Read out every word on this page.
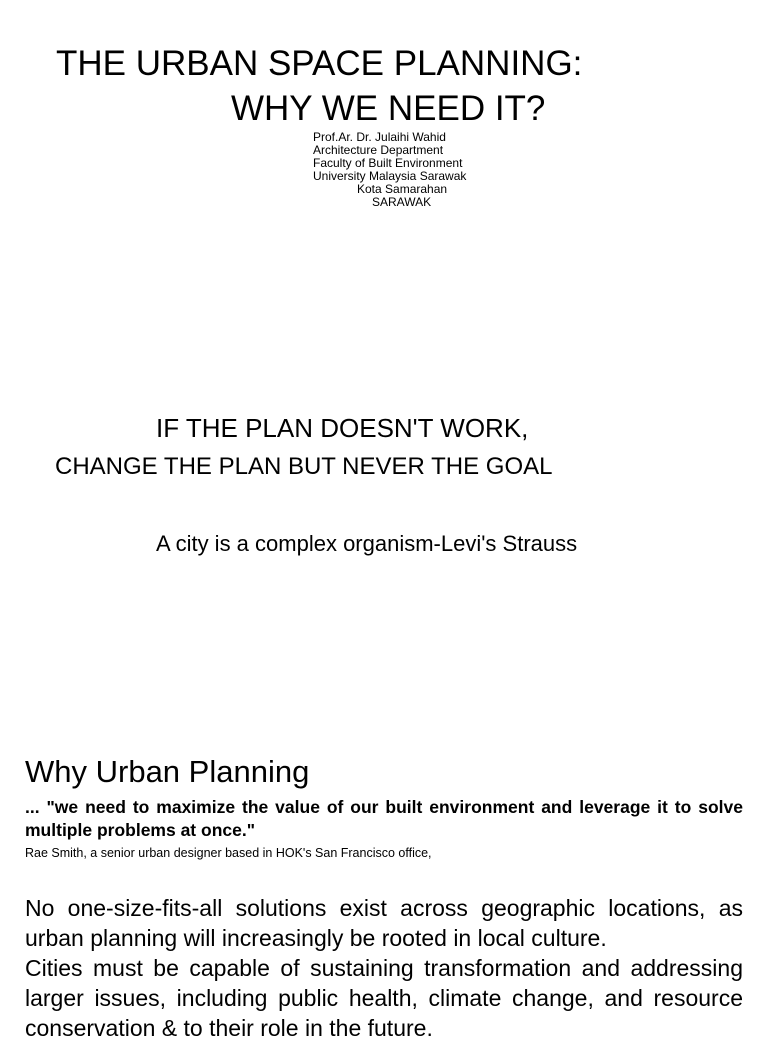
THE URBAN SPACE PLANNING:
WHY WE NEED IT?
Prof.Ar. Dr. Julaihi Wahid
Architecture Department
Faculty of Built Environment
University Malaysia Sarawak
Kota Samarahan
SARAWAK
IF THE PLAN DOESN'T WORK,
CHANGE THE PLAN BUT NEVER THE GOAL
A city is a complex organism-Levi's Strauss
Why Urban Planning
... "we need to maximize the value of our built environment and leverage it to solve multiple problems at once."
Rae Smith, a senior urban designer based in HOK's San Francisco office,

No one-size-fits-all solutions exist across geographic locations, as urban planning will increasingly be rooted in local culture.

Cities must be capable of sustaining transformation and addressing larger issues, including public health, climate change, and resource conservation & to their role in the future.
